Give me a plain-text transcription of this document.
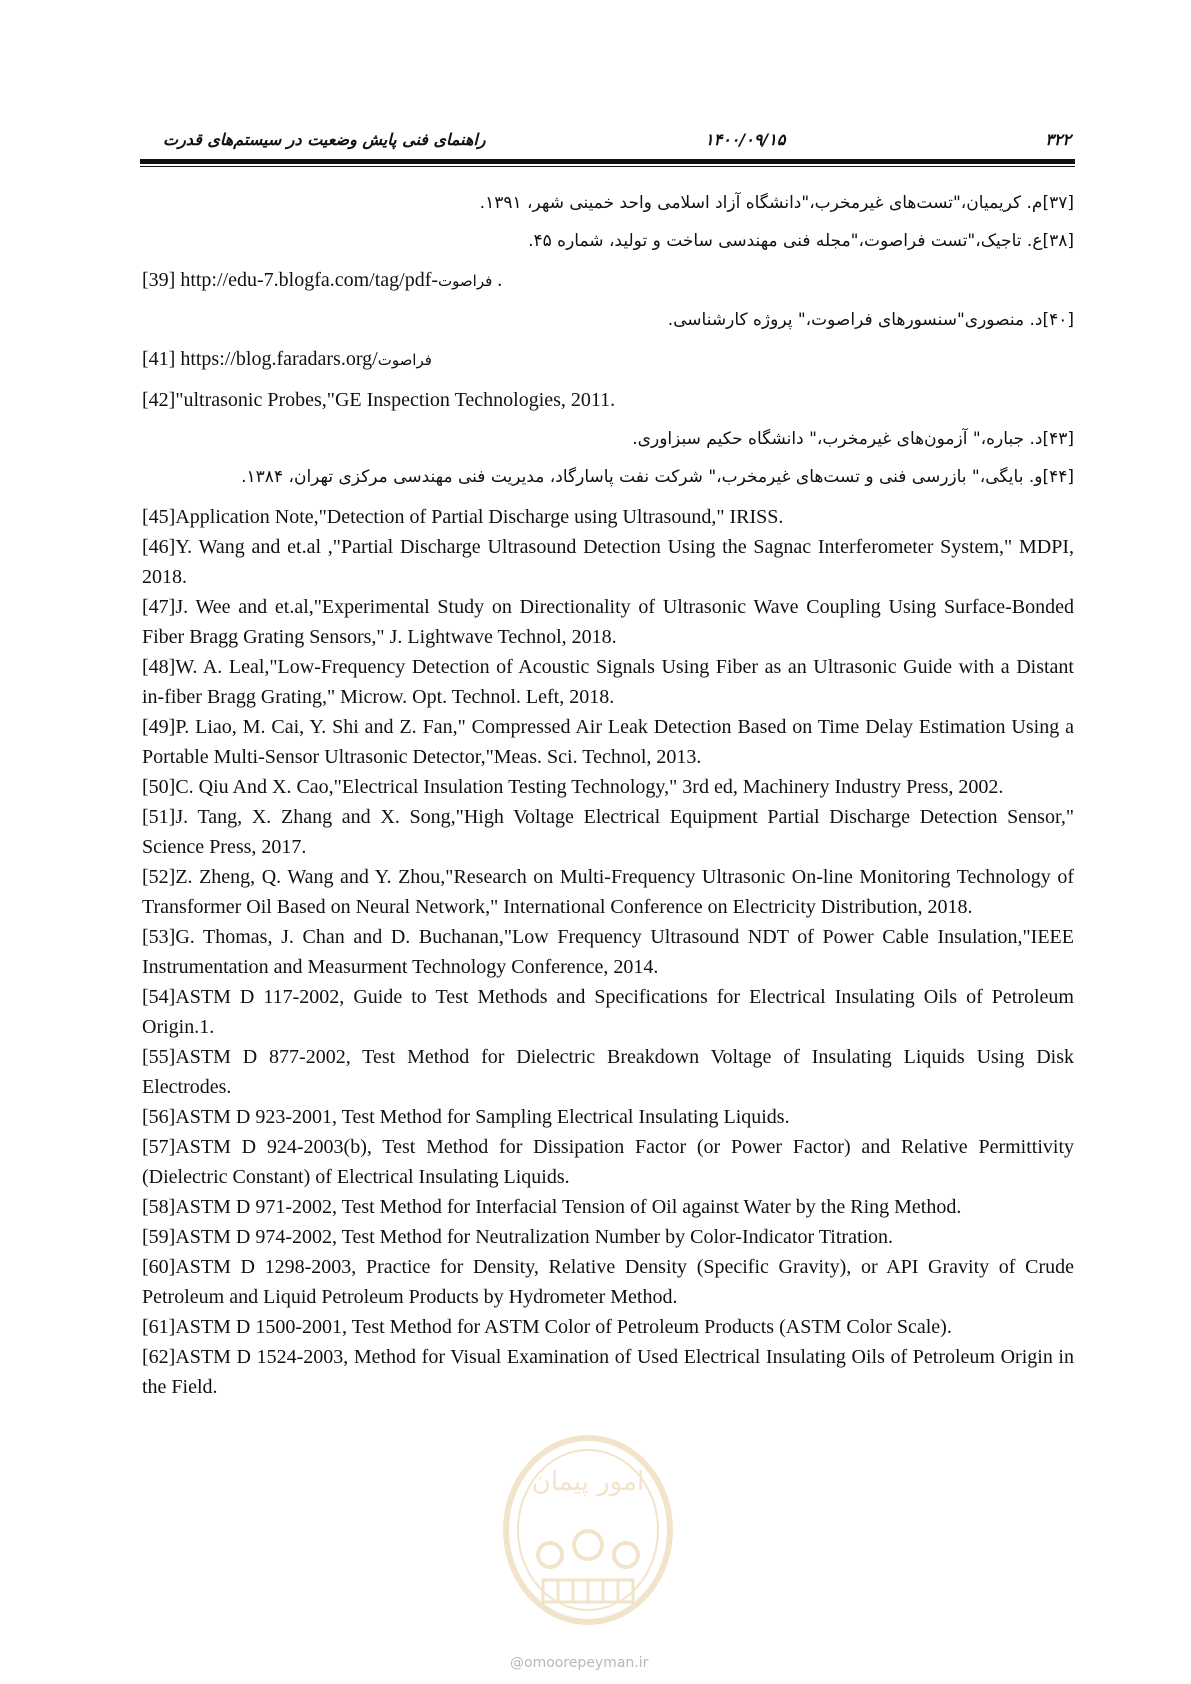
۳۲۲
۱۴۰۰/۰۹/۱۵
راهنمای فنی پایش وضعیت در سیستم‌های قدرت

[۳۷]م. کریمیان،"تست‌های غیرمخرب،"دانشگاه آزاد اسلامی واحد خمینی شهر، ۱۳۹۱.

[۳۸]ع. تاجیک،"تست فراصوت،"مجله فنی مهندسی ساخت و تولید، شماره ۴۵.

[39] http://edu-7.blogfa.com/tag/pdf-فراصوت .

[۴۰]د. منصوری"سنسورهای فراصوت،" پروژه کارشناسی.

[41] https://blog.faradars.org/فراصوت

[42]"ultrasonic Probes,"GE Inspection Technologies, 2011.

[۴۳]د. جباره،" آزمون‌های غیرمخرب،" دانشگاه حکیم سبزاوری.

[۴۴]و. بایگی،" بازرسی فنی و تست‌های غیرمخرب،" شرکت نفت پاسارگاد، مدیریت فنی مهندسی مرکزی تهران، ۱۳۸۴.

[45]Application Note,"Detection of Partial Discharge using Ultrasound," IRISS.

[46]Y. Wang and et.al ,"Partial Discharge Ultrasound Detection Using the Sagnac Interferometer System," MDPI, 2018.

[47]J. Wee and et.al,"Experimental Study on Directionality of Ultrasonic Wave Coupling Using Surface-Bonded Fiber Bragg Grating Sensors," J. Lightwave Technol, 2018.

[48]W. A. Leal,"Low-Frequency Detection of Acoustic Signals Using Fiber as an Ultrasonic Guide with a Distant in-fiber Bragg Grating," Microw. Opt. Technol. Left, 2018.

[49]P. Liao, M. Cai, Y. Shi and Z. Fan," Compressed Air Leak Detection Based on Time Delay Estimation Using a Portable Multi-Sensor Ultrasonic Detector,"Meas. Sci. Technol, 2013.

[50]C. Qiu And X. Cao,"Electrical Insulation Testing Technology," 3rd ed, Machinery Industry Press, 2002.

[51]J. Tang, X. Zhang and X. Song,"High Voltage Electrical Equipment Partial Discharge Detection Sensor," Science Press, 2017.

[52]Z. Zheng, Q. Wang and Y. Zhou,"Research on Multi-Frequency Ultrasonic On-line Monitoring Technology of Transformer Oil Based on Neural Network," International Conference on Electricity Distribution, 2018.

[53]G. Thomas, J. Chan and D. Buchanan,"Low Frequency Ultrasound NDT of Power Cable Insulation,"IEEE Instrumentation and Measurment Technology Conference, 2014.

[54]ASTM D 117-2002, Guide to Test Methods and Specifications for Electrical Insulating Oils of Petroleum Origin.1.

[55]ASTM D 877-2002, Test Method for Dielectric Breakdown Voltage of Insulating Liquids Using Disk Electrodes.

[56]ASTM D 923-2001, Test Method for Sampling Electrical Insulating Liquids.

[57]ASTM D 924-2003(b), Test Method for Dissipation Factor (or Power Factor) and Relative Permittivity (Dielectric Constant) of Electrical Insulating Liquids.

[58]ASTM D 971-2002, Test Method for Interfacial Tension of Oil against Water by the Ring Method.

[59]ASTM D 974-2002, Test Method for Neutralization Number by Color-Indicator Titration.

[60]ASTM D 1298-2003, Practice for Density, Relative Density (Specific Gravity), or API Gravity of Crude Petroleum and Liquid Petroleum Products by Hydrometer Method.

[61]ASTM D 1500-2001, Test Method for ASTM Color of Petroleum Products (ASTM Color Scale).

[62]ASTM D 1524-2003, Method for Visual Examination of Used Electrical Insulating Oils of Petroleum Origin in the Field.

امور پیمان
@omoorepeyman.ir
